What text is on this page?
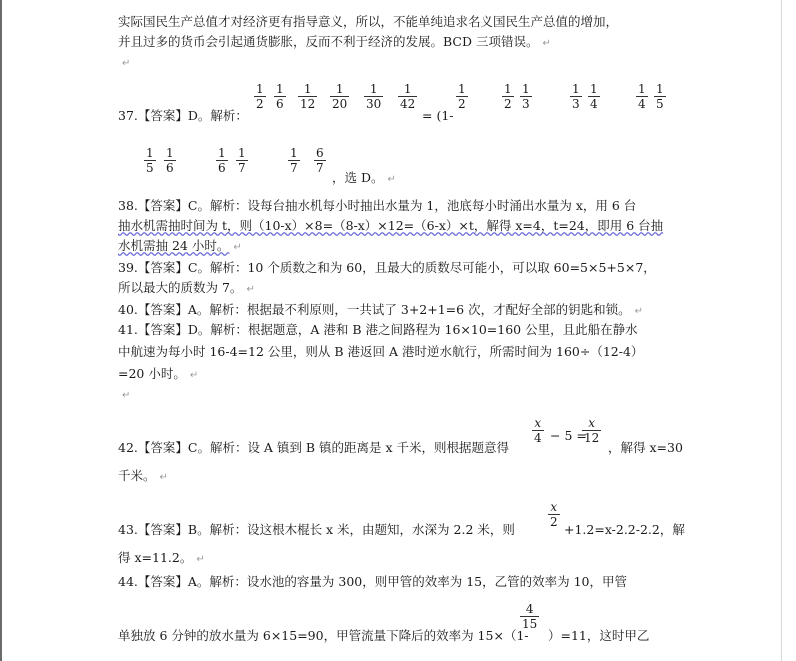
实际国民生产总值才对经济更有指导意义，所以，不能单纯追求名义国民生产总值的增加，
并且过多的货币会引起通货膨胀，反而不利于经济的发展。BCD 三项错误。 ↵
↵
37.【答案】D。解析：
$\frac{1}{2} \frac{1}{6} \frac{1}{12} \frac{1}{20} \frac{1}{30} \frac{1}{42}$
= (1-
$\frac{1}{2}$	$\frac{1}{2} \frac{1}{3}$	$\frac{1}{3} \frac{1}{4}$	$\frac{1}{4} \frac{1}{5}$
$\frac{1}{5} \frac{1}{6}$	$\frac{1}{6} \frac{1}{7}$	$\frac{1}{7} \frac{6}{7}$
，选 D。 ↵
38.【答案】C。解析：设每台抽水机每小时抽出水量为 1，池底每小时涌出水量为 x，用 6 台
抽水机需抽时间为 t，则（10-x）×8=（8-x）×12=（6-x）×t，解得 x=4，t=24，即用 6 台抽
水机需抽 24 小时。 ↵
39.【答案】C。解析：10 个质数之和为 60，且最大的质数尽可能小，可以取 60=5×5+5×7，
所以最大的质数为 7。 ↵
40.【答案】A。解析：根据最不利原则，一共试了 3+2+1=6 次，才配好全部的钥匙和锁。 ↵
41.【答案】D。解析：根据题意，A 港和 B 港之间路程为 16×10=160 公里，且此船在静水
中航速为每小时 16-4=12 公里，则从 B 港返回 A 港时逆水航行，所需时间为 160÷（12-4）
=20 小时。 ↵
↵
42.【答案】C。解析：设 A 镇到 B 镇的距离是 x 千米，则根据题意得
$\frac{x}{4} - 5$ =
$\frac{x}{12}$
，解得 x=30
千米。 ↵
43.【答案】B。解析：设这根木棍长 x 米，由题知，水深为 2.2 米，则
$\frac{x}{2}$
+1.2=x-2.2-2.2，解
得 x=11.2。 ↵
44.【答案】A。解析：设水池的容量为 300，则甲管的效率为 15，乙管的效率为 10，甲管
单独放 6 分钟的放水量为 6×15=90，甲管流量下降后的效率为 15×（1-
$\frac{4}{15}$
）=11，这时甲乙
